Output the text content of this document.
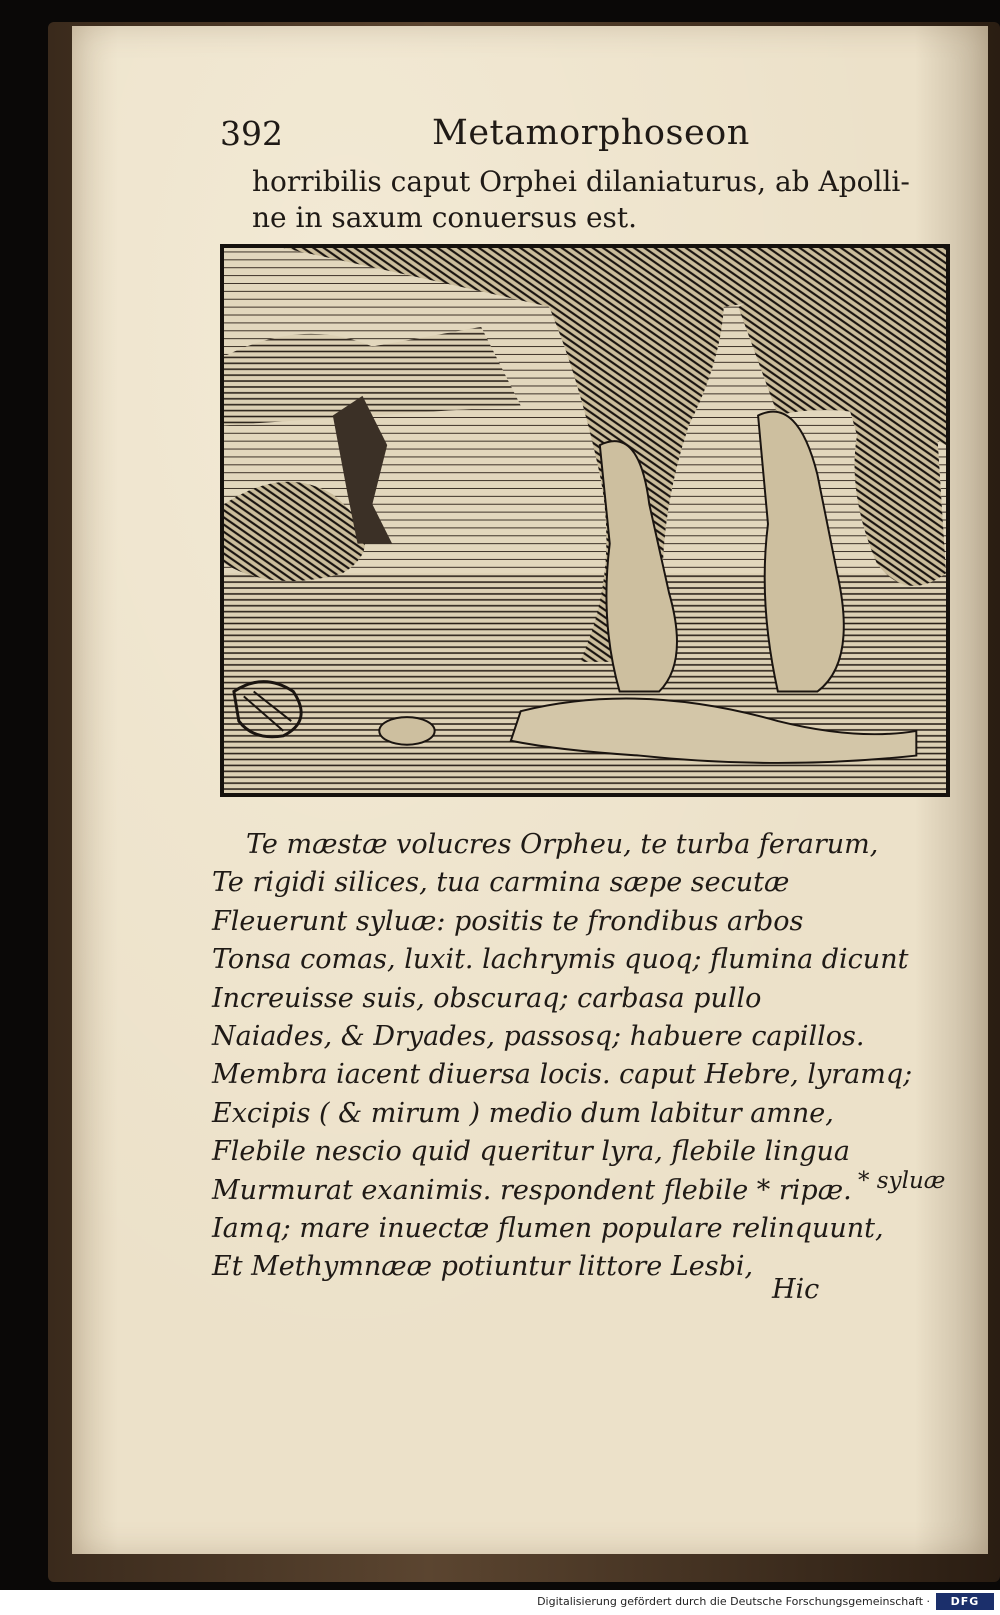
392	Metamorphoseon

horribilis caput Orphei dilaniaturus, ab Apolli-
ne in saxum conuersus est.

Te mæstæ volucres Orpheu, te turba ferarum,
Te rigidi silices, tua carmina sæpe secutæ
Fleuerunt syluæ: positis te frondibus arbos
Tonsa comas, luxit. lachrymis quoq; flumina dicunt
Increuisse suis, obscuraq; carbasa pullo
Naiades, & Dryades, passosq; habuere capillos.
Membra iacent diuersa locis. caput Hebre, lyramq;
Excipis ( & mirum ) medio dum labitur amne,
Flebile nescio quid queritur lyra, flebile lingua
Murmurat exanimis. respondent flebile * ripæ.
Iamq; mare inuectæ flumen populare relinquunt,
Et Methymnææ potiuntur littore Lesbi,
* syluæ
Hic
Digitalisierung gefördert durch die Deutsche Forschungsgemeinschaft ·	DFG
